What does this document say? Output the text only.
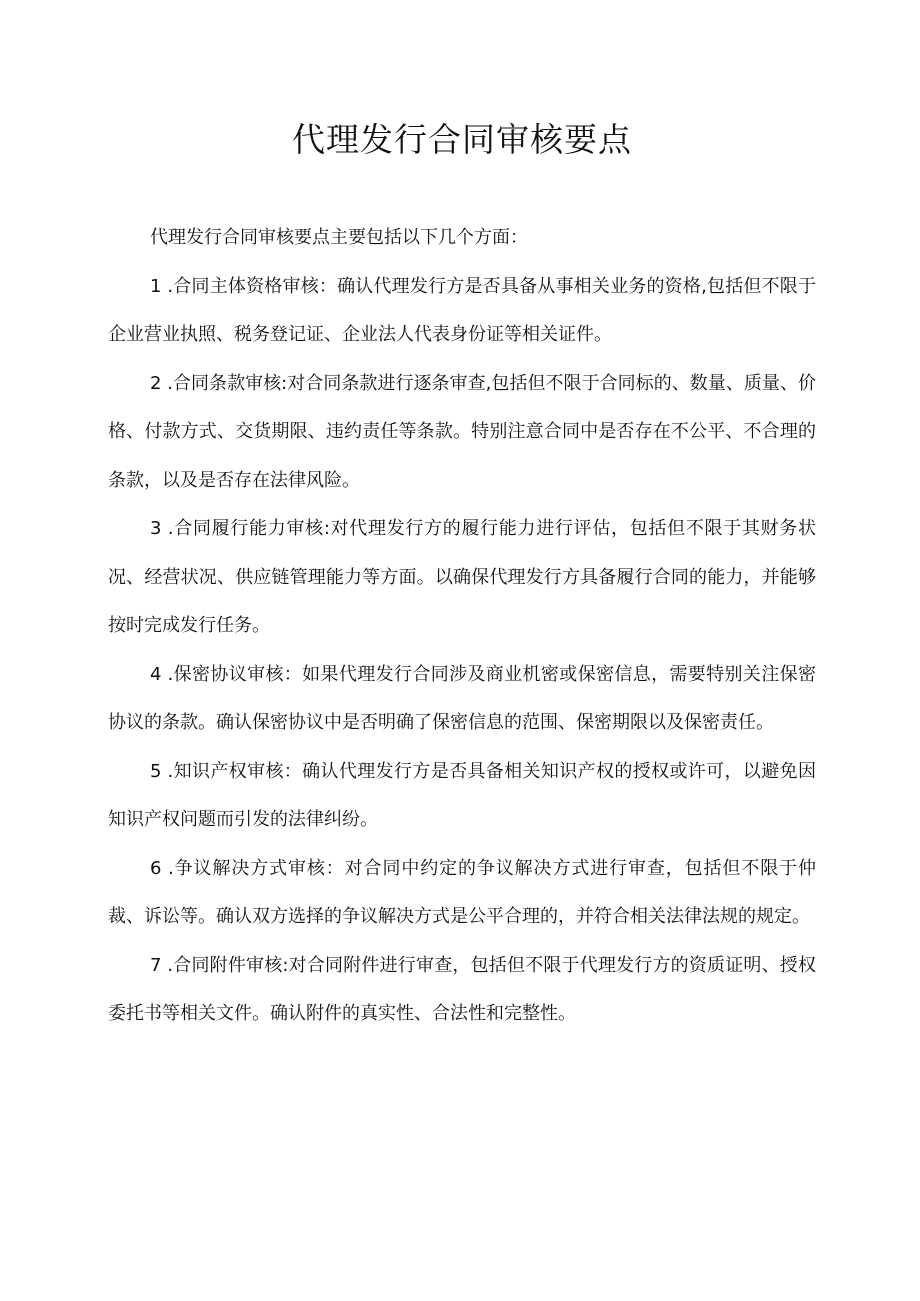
代理发行合同审核要点

代理发行合同审核要点主要包括以下几个方面：

1 .合同主体资格审核：确认代理发行方是否具备从事相关业务的资格,包括但不限于企业营业执照、税务登记证、企业法人代表身份证等相关证件。

2 .合同条款审核:对合同条款进行逐条审查,包括但不限于合同标的、数量、质量、价格、付款方式、交货期限、违约责任等条款。特别注意合同中是否存在不公平、不合理的条款，以及是否存在法律风险。

3 .合同履行能力审核:对代理发行方的履行能力进行评估，包括但不限于其财务状况、经营状况、供应链管理能力等方面。以确保代理发行方具备履行合同的能力，并能够按时完成发行任务。

4 .保密协议审核：如果代理发行合同涉及商业机密或保密信息，需要特别关注保密协议的条款。确认保密协议中是否明确了保密信息的范围、保密期限以及保密责任。

5 .知识产权审核：确认代理发行方是否具备相关知识产权的授权或许可，以避免因知识产权问题而引发的法律纠纷。

6 .争议解决方式审核：对合同中约定的争议解决方式进行审查，包括但不限于仲裁、诉讼等。确认双方选择的争议解决方式是公平合理的，并符合相关法律法规的规定。

7 .合同附件审核:对合同附件进行审查，包括但不限于代理发行方的资质证明、授权委托书等相关文件。确认附件的真实性、合法性和完整性。
